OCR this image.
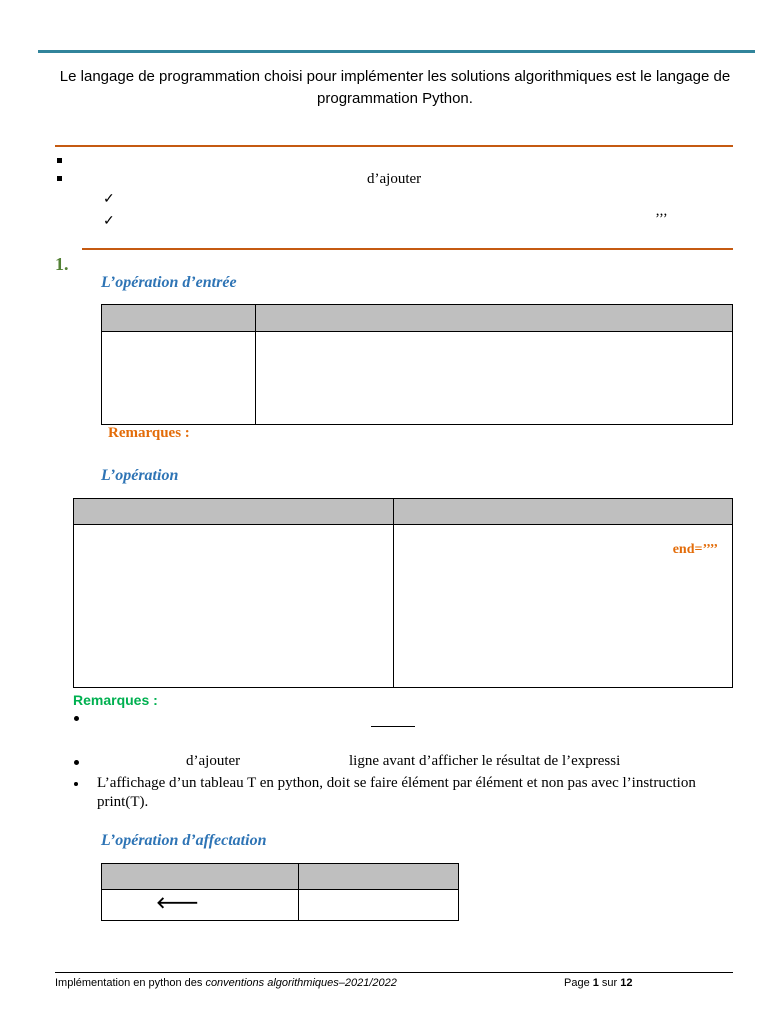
Le langage de programmation choisi pour implémenter les solutions algorithmiques est le langage de programmation Python.
d’ajouter
✓
✓	’’’
1.
L’opération d’entrée

Remarques :
L’opération

	end=’’’’
Remarques :
d’ajouter	ligne avant d’afficher le résultat de l’expressi
L’affichage d’un tableau T en python, doit se faire élément par élément et non pas avec l’instruction print(T).
L’opération d’affectation

🡐	

Implémentation en python des conventions algorithmiques–2021/2022	Page 1 sur 12
